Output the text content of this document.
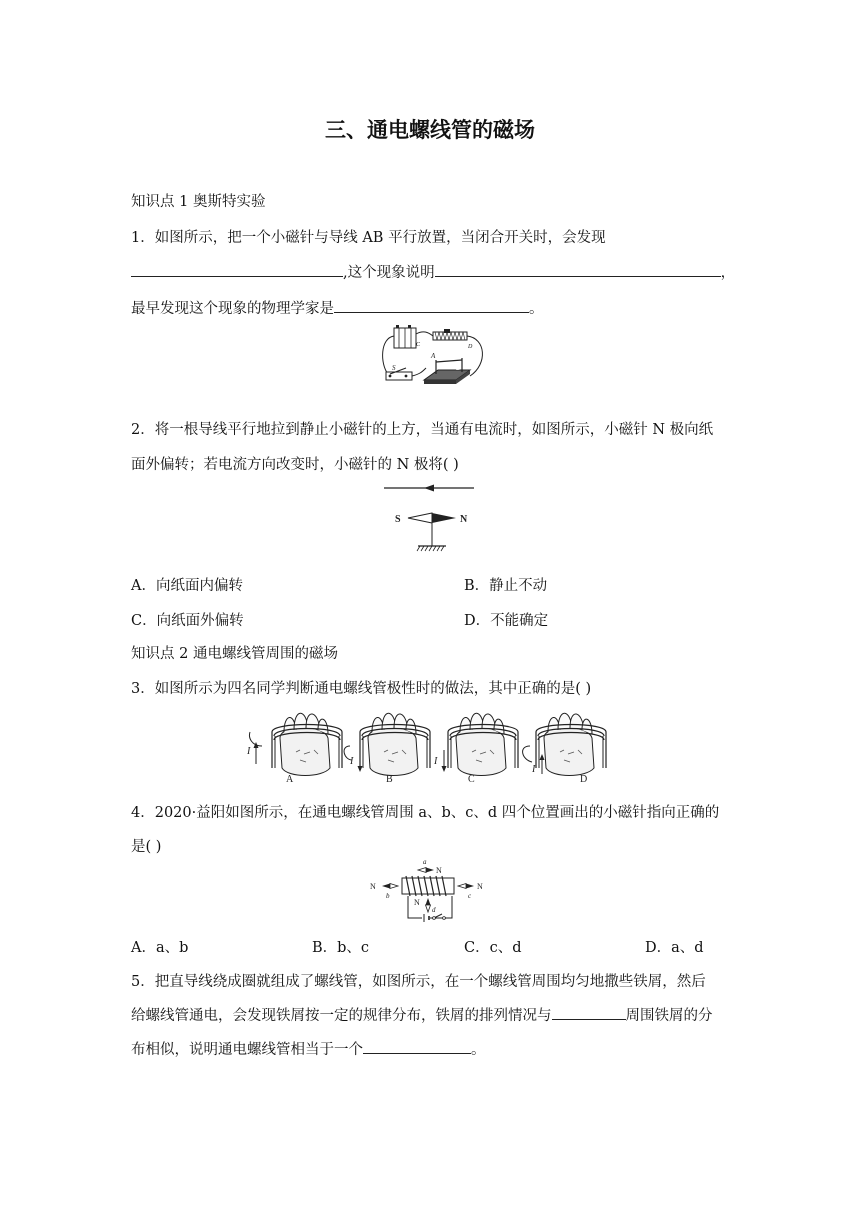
三、通电螺线管的磁场
知识点 1 奥斯特实验
1．如图所示，把一个小磁针与导线 AB 平行放置，当闭合开关时，会发现
,这个现象说明	，
最早发现这个现象的物理学家是	。
S
A
B
C	D
2．将一根导线平行地拉到静止小磁针的上方，当通有电流时，如图所示，小磁针 N 极向纸
面外偏转；若电流方向改变时，小磁针的 N 极将( )
S	N
A．向纸面内偏转	B．静止不动
C．向纸面外偏转	D．不能确定
知识点 2 通电螺线管周围的磁场
3．如图所示为四名同学判断通电螺线管极性时的做法，其中正确的是( )
I
A
I
B
I
C
I
D
4．2020·益阳如图所示，在通电螺线管周围 a、b、c、d 四个位置画出的小磁针指向正确的
是( )
a
N
N
b
N
c
N
d
A．a、b	B．b、c	C．c、d	D．a、d
5．把直导线绕成圈就组成了螺线管，如图所示，在一个螺线管周围均匀地撒些铁屑，然后
给螺线管通电，会发现铁屑按一定的规律分布，铁屑的排列情况与	周围铁屑的分
布相似，说明通电螺线管相当于一个	。
